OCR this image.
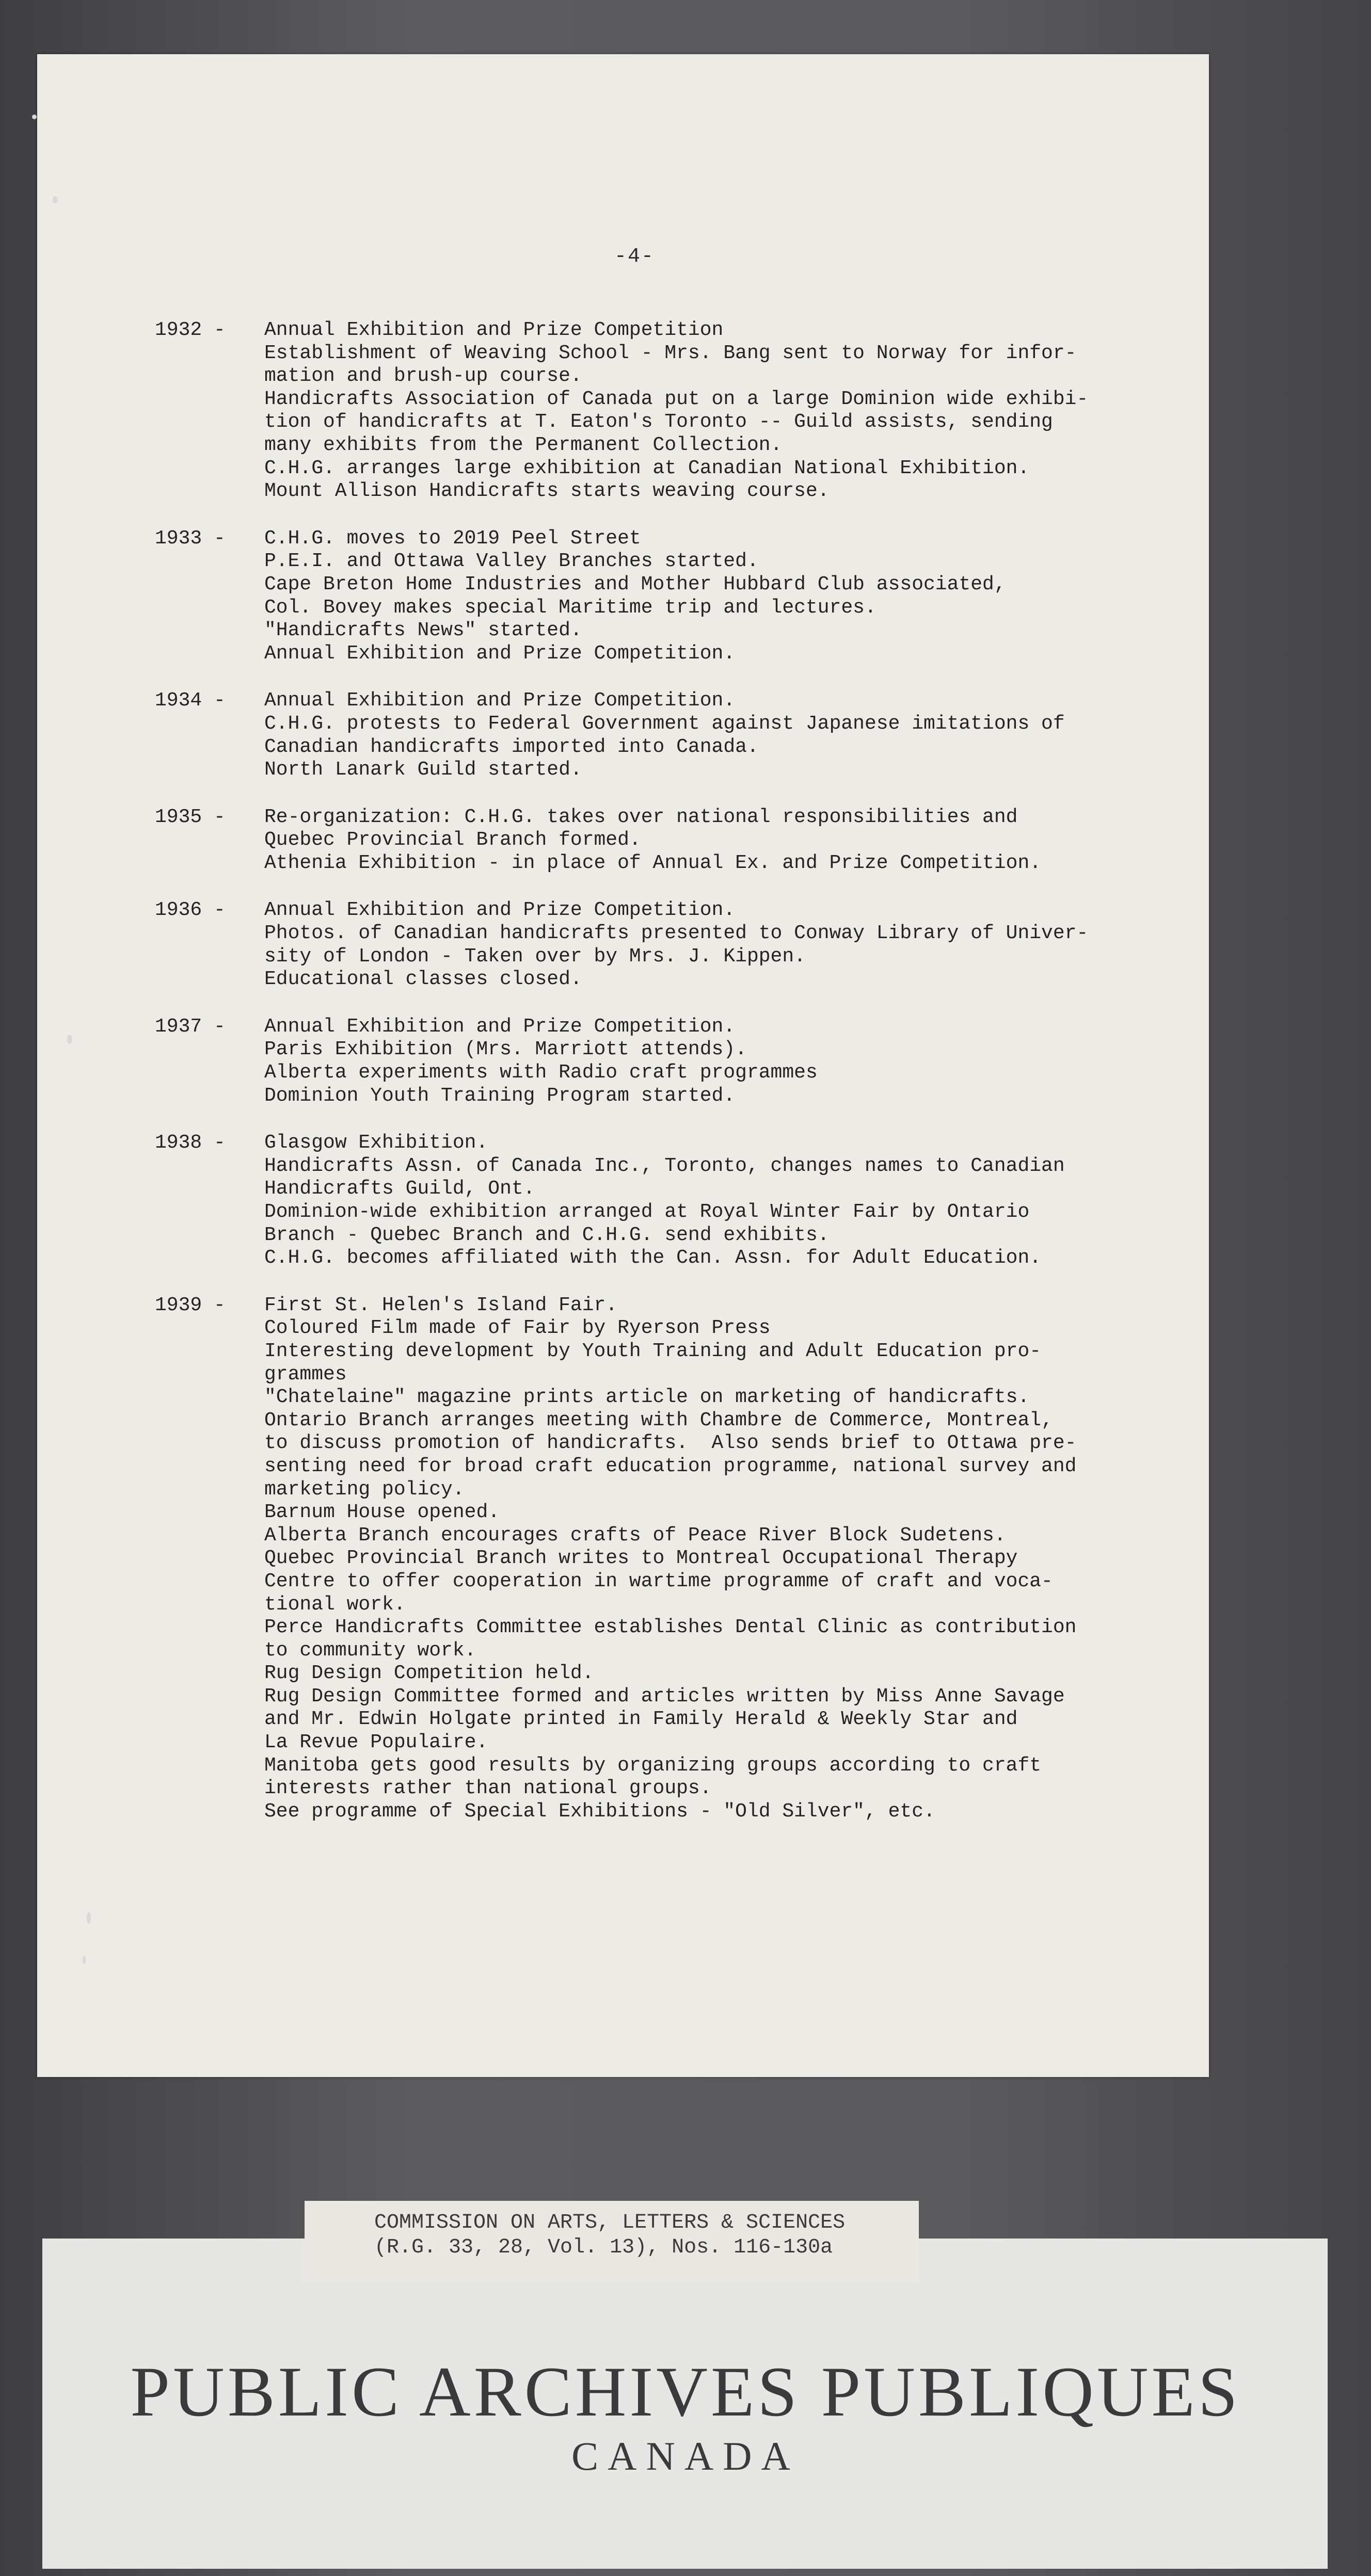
-4-
1932 -	Annual Exhibition and Prize Competition
Establishment of Weaving School - Mrs. Bang sent to Norway for infor-
mation and brush-up course.
Handicrafts Association of Canada put on a large Dominion wide exhibi-
tion of handicrafts at T. Eaton's Toronto -- Guild assists, sending
many exhibits from the Permanent Collection.
C.H.G. arranges large exhibition at Canadian National Exhibition.
Mount Allison Handicrafts starts weaving course.
1933 -	C.H.G. moves to 2019 Peel Street
P.E.I. and Ottawa Valley Branches started.
Cape Breton Home Industries and Mother Hubbard Club associated,
Col. Bovey makes special Maritime trip and lectures.
"Handicrafts News" started.
Annual Exhibition and Prize Competition.
1934 -	Annual Exhibition and Prize Competition.
C.H.G. protests to Federal Government against Japanese imitations of
Canadian handicrafts imported into Canada.
North Lanark Guild started.
1935 -	Re-organization: C.H.G. takes over national responsibilities and
Quebec Provincial Branch formed.
Athenia Exhibition - in place of Annual Ex. and Prize Competition.
1936 -	Annual Exhibition and Prize Competition.
Photos. of Canadian handicrafts presented to Conway Library of Univer-
sity of London - Taken over by Mrs. J. Kippen.
Educational classes closed.
1937 -	Annual Exhibition and Prize Competition.
Paris Exhibition (Mrs. Marriott attends).
Alberta experiments with Radio craft programmes
Dominion Youth Training Program started.
1938 -	Glasgow Exhibition.
Handicrafts Assn. of Canada Inc., Toronto, changes names to Canadian
Handicrafts Guild, Ont.
Dominion-wide exhibition arranged at Royal Winter Fair by Ontario
Branch - Quebec Branch and C.H.G. send exhibits.
C.H.G. becomes affiliated with the Can. Assn. for Adult Education.
1939 -	First St. Helen's Island Fair.
Coloured Film made of Fair by Ryerson Press
Interesting development by Youth Training and Adult Education pro-
grammes
"Chatelaine" magazine prints article on marketing of handicrafts.
Ontario Branch arranges meeting with Chambre de Commerce, Montreal,
to discuss promotion of handicrafts.  Also sends brief to Ottawa pre-
senting need for broad craft education programme, national survey and
marketing policy.
Barnum House opened.
Alberta Branch encourages crafts of Peace River Block Sudetens.
Quebec Provincial Branch writes to Montreal Occupational Therapy
Centre to offer cooperation in wartime programme of craft and voca-
tional work.
Perce Handicrafts Committee establishes Dental Clinic as contribution
to community work.
Rug Design Competition held.
Rug Design Committee formed and articles written by Miss Anne Savage
and Mr. Edwin Holgate printed in Family Herald & Weekly Star and
La Revue Populaire.
Manitoba gets good results by organizing groups according to craft
interests rather than national groups.
See programme of Special Exhibitions - "Old Silver", etc.
COMMISSION ON ARTS, LETTERS & SCIENCES
(R.G. 33, 28, Vol. 13), Nos. 116-130a
PUBLIC ARCHIVES PUBLIQUES
CANADA
